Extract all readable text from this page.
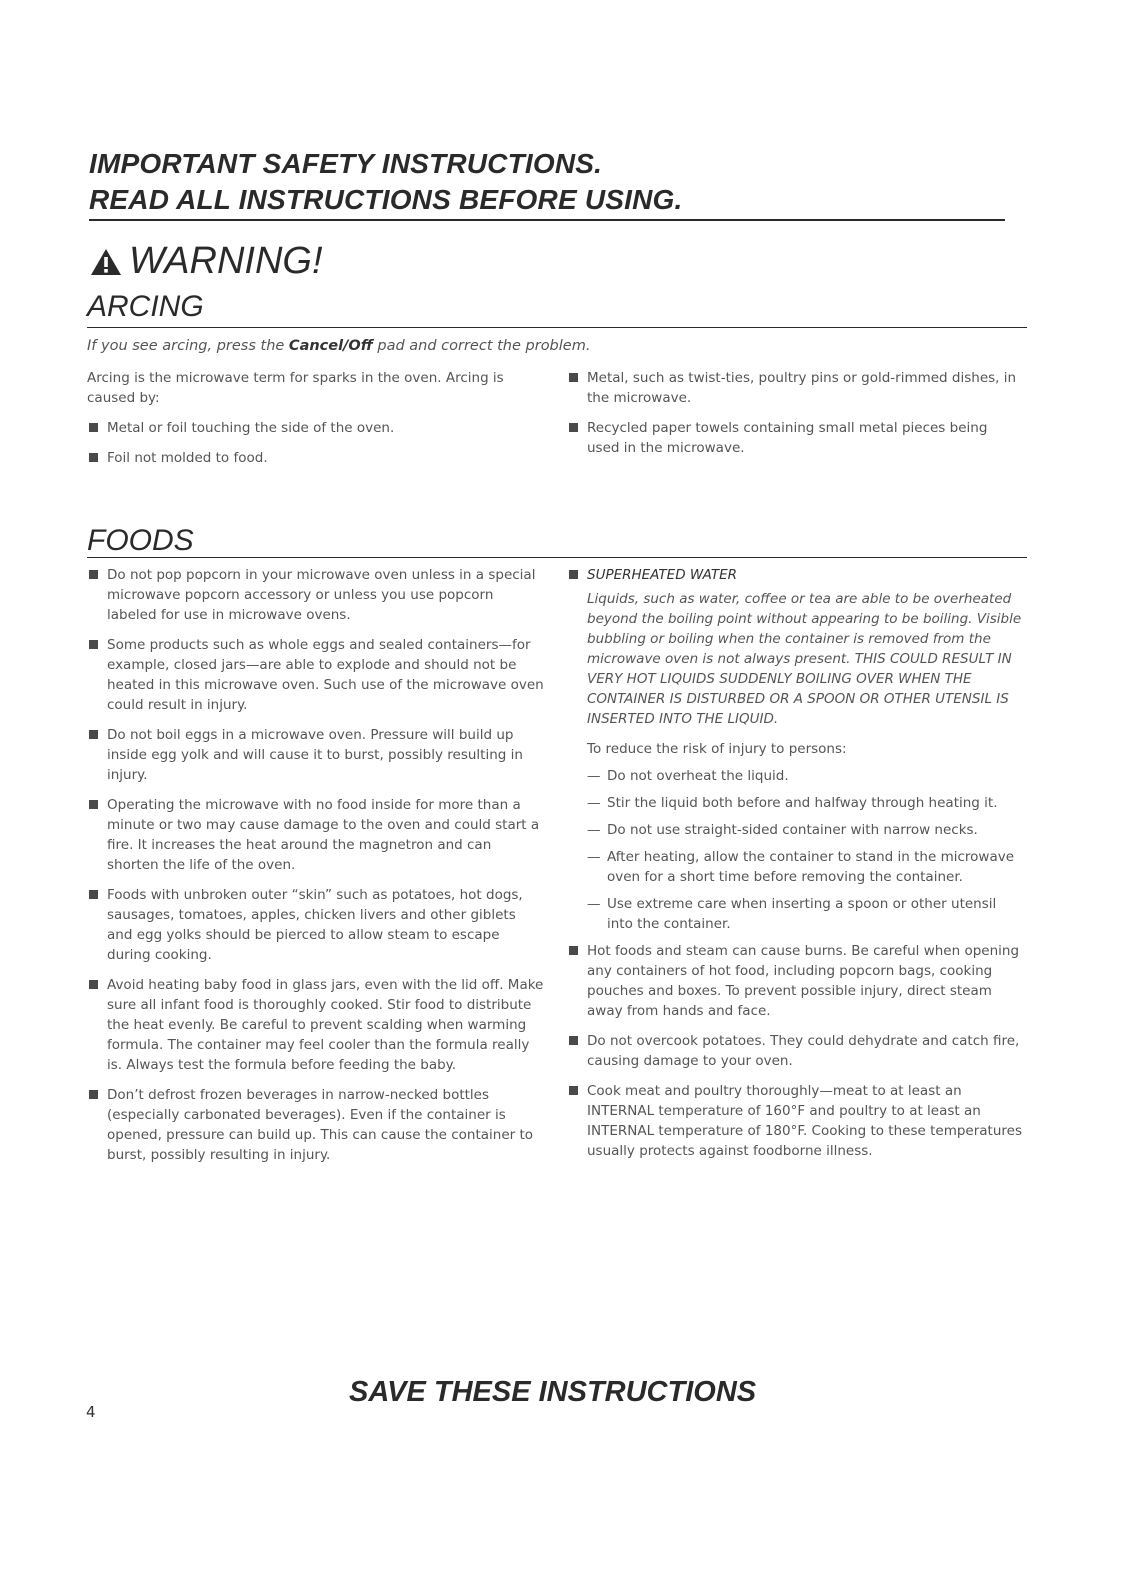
IMPORTANT SAFETY INSTRUCTIONS.
READ ALL INSTRUCTIONS BEFORE USING.
WARNING!
ARCING
If you see arcing, press the Cancel/Off pad and correct the problem.

Arcing is the microwave term for sparks in the oven. Arcing is caused by:

Metal or foil touching the side of the oven.
Foil not molded to food.
Metal, such as twist-ties, poultry pins or gold-rimmed dishes, in the microwave.
Recycled paper towels containing small metal pieces being used in the microwave.
FOODS
Do not pop popcorn in your microwave oven unless in a special microwave popcorn accessory or unless you use popcorn labeled for use in microwave ovens.
Some products such as whole eggs and sealed containers—for example, closed jars—are able to explode and should not be heated in this microwave oven. Such use of the microwave oven could result in injury.
Do not boil eggs in a microwave oven. Pressure will build up inside egg yolk and will cause it to burst, possibly resulting in injury.
Operating the microwave with no food inside for more than a minute or two may cause damage to the oven and could start a fire. It increases the heat around the magnetron and can shorten the life of the oven.
Foods with unbroken outer “skin” such as potatoes, hot dogs, sausages, tomatoes, apples, chicken livers and other giblets and egg yolks should be pierced to allow steam to escape during cooking.
Avoid heating baby food in glass jars, even with the lid off. Make sure all infant food is thoroughly cooked. Stir food to distribute the heat evenly. Be careful to prevent scalding when warming formula. The container may feel cooler than the formula really is. Always test the formula before feeding the baby.
Don’t defrost frozen beverages in narrow-necked bottles (especially carbonated beverages). Even if the container is opened, pressure can build up. This can cause the container to burst, possibly resulting in injury.
SUPERHEATED WATER

Liquids, such as water, coffee or tea are able to be overheated beyond the boiling point without appearing to be boiling. Visible bubbling or boiling when the container is removed from the microwave oven is not always present. THIS COULD RESULT IN VERY HOT LIQUIDS SUDDENLY BOILING OVER WHEN THE CONTAINER IS DISTURBED OR A SPOON OR OTHER UTENSIL IS INSERTED INTO THE LIQUID.

To reduce the risk of injury to persons:

— Do not overheat the liquid.
— Stir the liquid both before and halfway through heating it.
— Do not use straight-sided container with narrow necks.
— After heating, allow the container to stand in the microwave oven for a short time before removing the container.
— Use extreme care when inserting a spoon or other utensil into the container.
Hot foods and steam can cause burns. Be careful when opening any containers of hot food, including popcorn bags, cooking pouches and boxes. To prevent possible injury, direct steam away from hands and face.
Do not overcook potatoes. They could dehydrate and catch fire, causing damage to your oven.
Cook meat and poultry thoroughly—meat to at least an INTERNAL temperature of 160°F and poultry to at least an INTERNAL temperature of 180°F. Cooking to these temperatures usually protects against foodborne illness.
4
SAVE THESE INSTRUCTIONS
